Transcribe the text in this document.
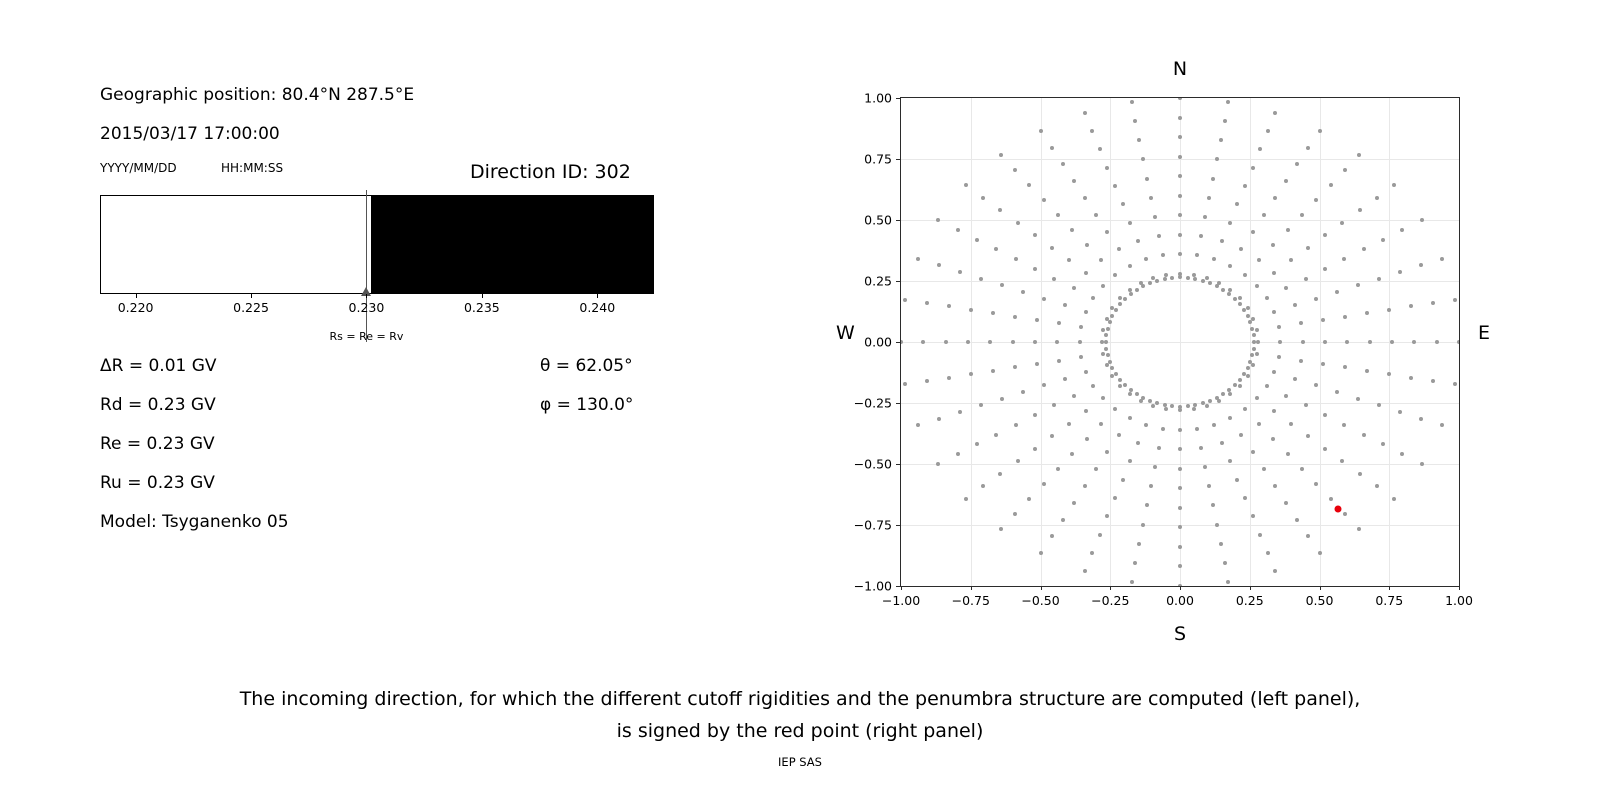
Geographic position: 80.4°N 287.5°E
2015/03/17 17:00:00
YYYY/MM/DD	HH:MM:SS	Direction ID: 302
Rs = Re = Rv
0.220	0.225	0.230	0.235	0.240
ΔR = 0.01 GV
Rd = 0.23 GV
Re = 0.23 GV
Ru = 0.23 GV
Model: Tsyganenko 05
θ = 62.05°
φ = 130.0°
N
S
W	E
−1.00	−0.75	−0.50	−0.25	0.00	0.25	0.50	0.75	1.00
−1.00
−0.75
−0.50
−0.25
0.00
0.25
0.50
0.75
1.00
The incoming direction, for which the different cutoff rigidities and the penumbra structure are computed (left panel),
is signed by the red point (right panel)
IEP SAS
